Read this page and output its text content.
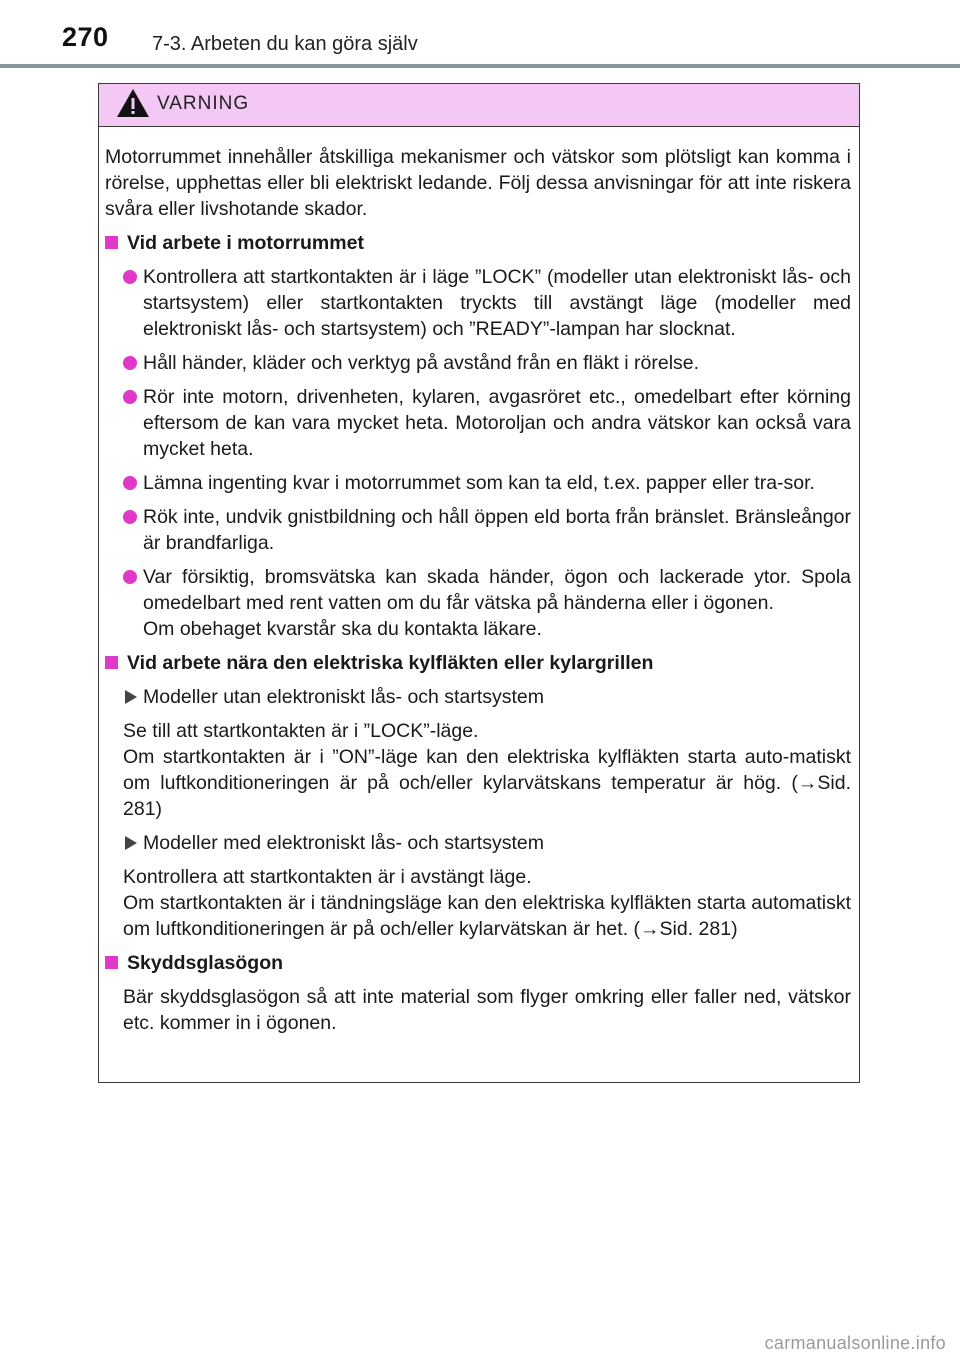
270 7-3. Arbeten du kan göra själv
VARNING

Motorrummet innehåller åtskilliga mekanismer och vätskor som plötsligt kan komma i rörelse, upphettas eller bli elektriskt ledande. Följ dessa anvisningar för att inte riskera svåra eller livshotande skador.

Vid arbete i motorrummet
Kontrollera att startkontakten är i läge ”LOCK” (modeller utan elektroniskt lås- och startsystem) eller startkontakten tryckts till avstängt läge (modeller med elektroniskt lås- och startsystem) och ”READY”-lampan har slocknat.
Håll händer, kläder och verktyg på avstånd från en fläkt i rörelse.
Rör inte motorn, drivenheten, kylaren, avgasröret etc., omedelbart efter körning eftersom de kan vara mycket heta. Motoroljan och andra vätskor kan också vara mycket heta.
Lämna ingenting kvar i motorrummet som kan ta eld, t.ex. papper eller tra-sor.
Rök inte, undvik gnistbildning och håll öppen eld borta från bränslet. Bränsleångor är brandfarliga.
Var försiktig, bromsvätska kan skada händer, ögon och lackerade ytor. Spola omedelbart med rent vatten om du får vätska på händerna eller i ögonen.
Om obehaget kvarstår ska du kontakta läkare.
Vid arbete nära den elektriska kylfläkten eller kylargrillen
Modeller utan elektroniskt lås- och startsystem
Se till att startkontakten är i ”LOCK”-läge.
Om startkontakten är i ”ON”-läge kan den elektriska kylfläkten starta auto-matiskt om luftkonditioneringen är på och/eller kylarvätskans temperatur är hög. (→Sid. 281)
Modeller med elektroniskt lås- och startsystem
Kontrollera att startkontakten är i avstängt läge.
Om startkontakten är i tändningsläge kan den elektriska kylfläkten starta automatiskt om luftkonditioneringen är på och/eller kylarvätskan är het. (→Sid. 281)
Skyddsglasögon
Bär skyddsglasögon så att inte material som flyger omkring eller faller ned, vätskor etc. kommer in i ögonen.
carmanualsonline.info
